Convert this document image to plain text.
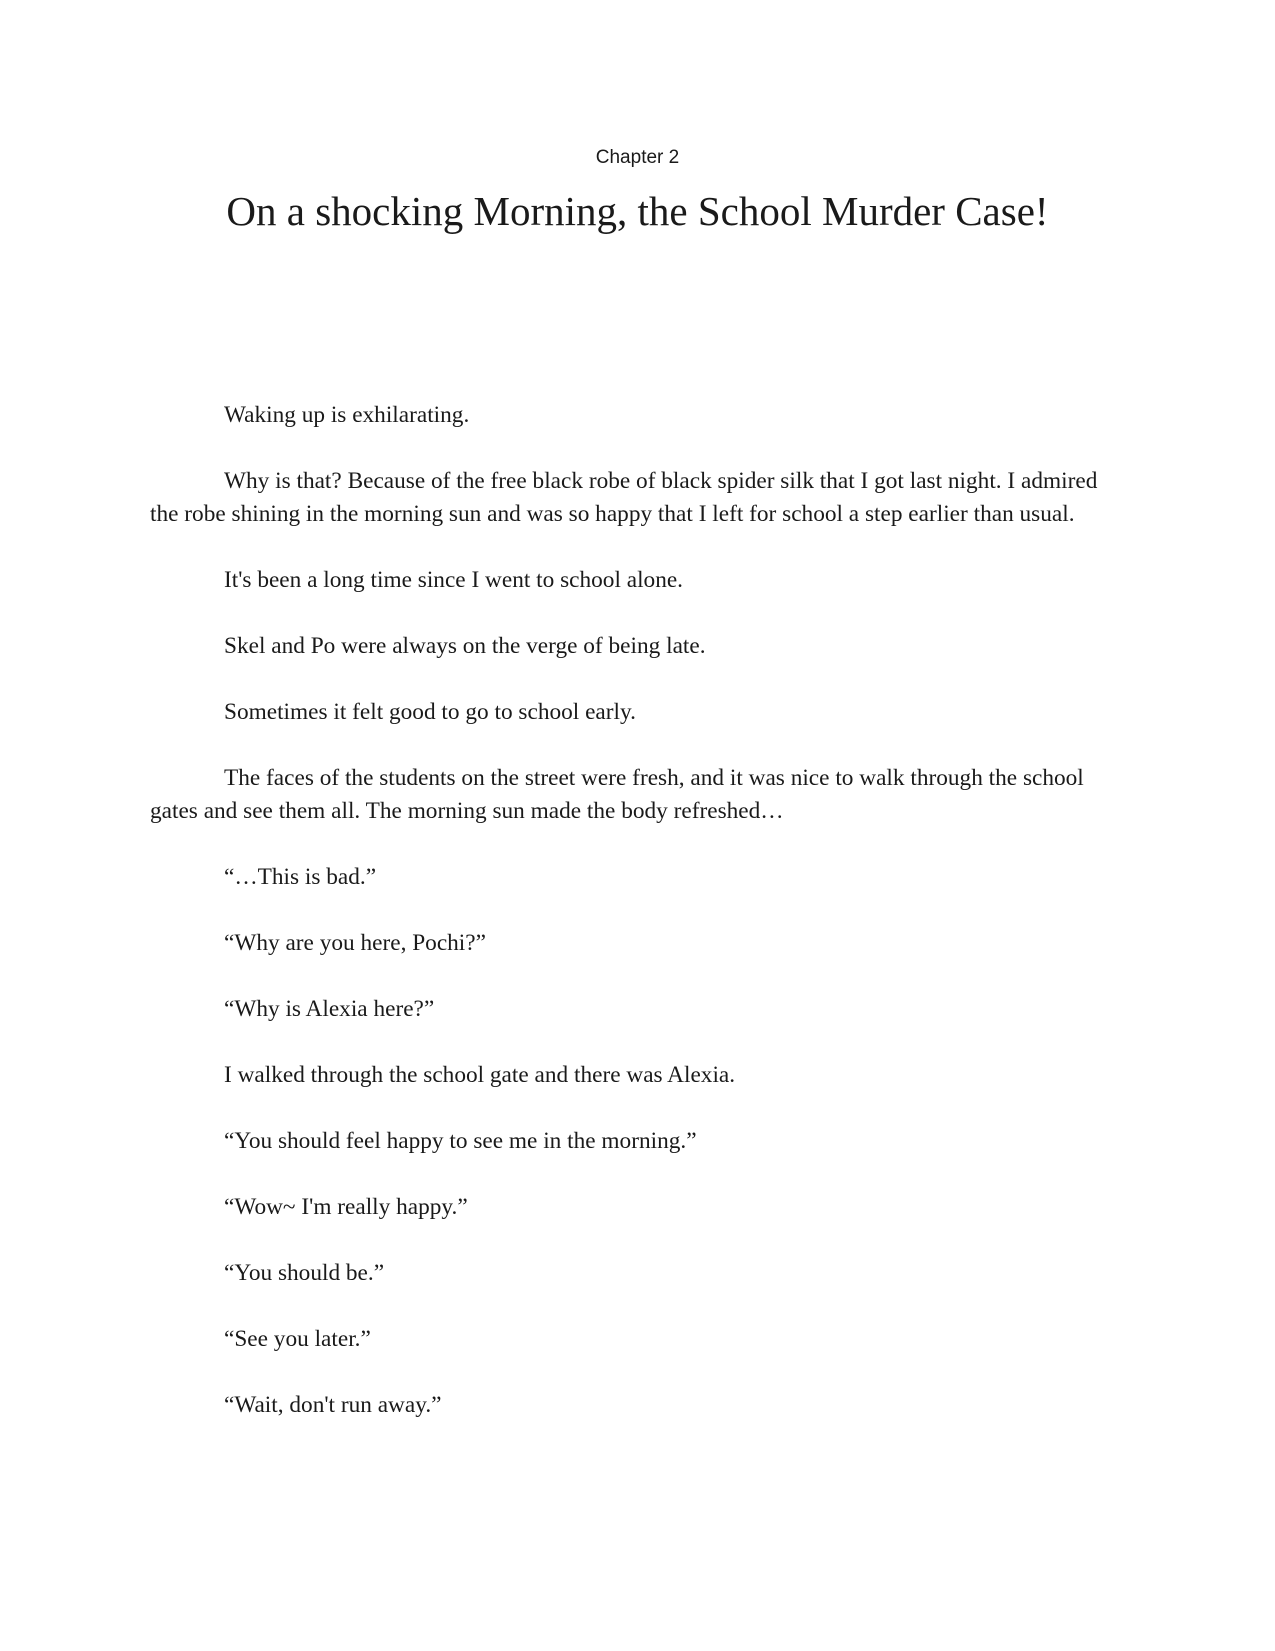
Chapter 2
On a shocking Morning, the School Murder Case!

Waking up is exhilarating.

Why is that? Because of the free black robe of black spider silk that I got last night. I admired the robe shining in the morning sun and was so happy that I left for school a step earlier than usual.

It's been a long time since I went to school alone.

Skel and Po were always on the verge of being late.

Sometimes it felt good to go to school early.

The faces of the students on the street were fresh, and it was nice to walk through the school gates and see them all. The morning sun made the body refreshed…

“…This is bad.”

“Why are you here, Pochi?”

“Why is Alexia here?”

I walked through the school gate and there was Alexia.

“You should feel happy to see me in the morning.”

“Wow~ I'm really happy.”

“You should be.”

“See you later.”

“Wait, don't run away.”
